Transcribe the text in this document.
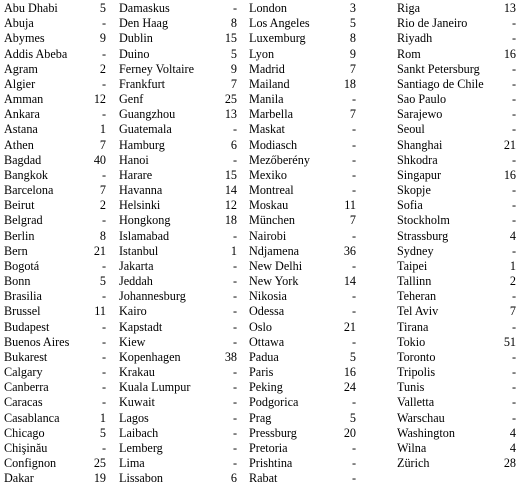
Abu Dhabi	5
Abuja	-
Abymes	9
Addis Abeba	-
Agram	2
Algier	-
Amman	12
Ankara	-
Astana	1
Athen	7
Bagdad	40
Bangkok	-
Barcelona	7
Beirut	2
Belgrad	-
Berlin	8
Bern	21
Bogotá	-
Bonn	5
Brasilia	-
Brussel	11
Budapest	-
Buenos Aires	-
Bukarest	-
Calgary	-
Canberra	-
Caracas	-
Casablanca	1
Chicago	5
Chişinău	-
Confignon	25
Dakar	19
Damaskus	-
Den Haag	8
Dublin	15
Duino	5
Ferney Voltaire	9
Frankfurt	7
Genf	25
Guangzhou	13
Guatemala	-
Hamburg	6
Hanoi	-
Harare	15
Havanna	14
Helsinki	12
Hongkong	18
Islamabad	-
Istanbul	1
Jakarta	-
Jeddah	-
Johannesburg	-
Kairo	-
Kapstadt	-
Kiew	-
Kopenhagen	38
Krakau	-
Kuala Lumpur	-
Kuwait	-
Lagos	-
Laibach	-
Lemberg	-
Lima	-
Lissabon	6
London	3
Los Angeles	5
Luxemburg	8
Lyon	9
Madrid	7
Mailand	18
Manila	-
Marbella	7
Maskat	-
Modiasch	-
Mezőberény	-
Mexiko	-
Montreal	-
Moskau	11
München	7
Nairobi	-
Ndjamena	36
New Delhi	-
New York	14
Nikosia	-
Odessa	-
Oslo	21
Ottawa	-
Padua	5
Paris	16
Peking	24
Podgorica	-
Prag	5
Pressburg	20
Pretoria	-
Prishtina	-
Rabat	-
Riga	13
Rio de Janeiro	-
Riyadh	-
Rom	16
Sankt Petersburg	-
Santiago de Chile -
Sao Paulo	-
Sarajewo	-
Seoul	-
Shanghai	21
Shkodra	-
Singapur	16
Skopje	-
Sofia	-
Stockholm	-
Strassburg	4
Sydney	-
Taipei	1
Tallinn	2
Teheran	-
Tel Aviv	7
Tirana	-
Tokio	51
Toronto	-
Tripolis	-
Tunis	-
Valletta	-
Warschau	-
Washington	4
Wilna	4
Zürich	28
